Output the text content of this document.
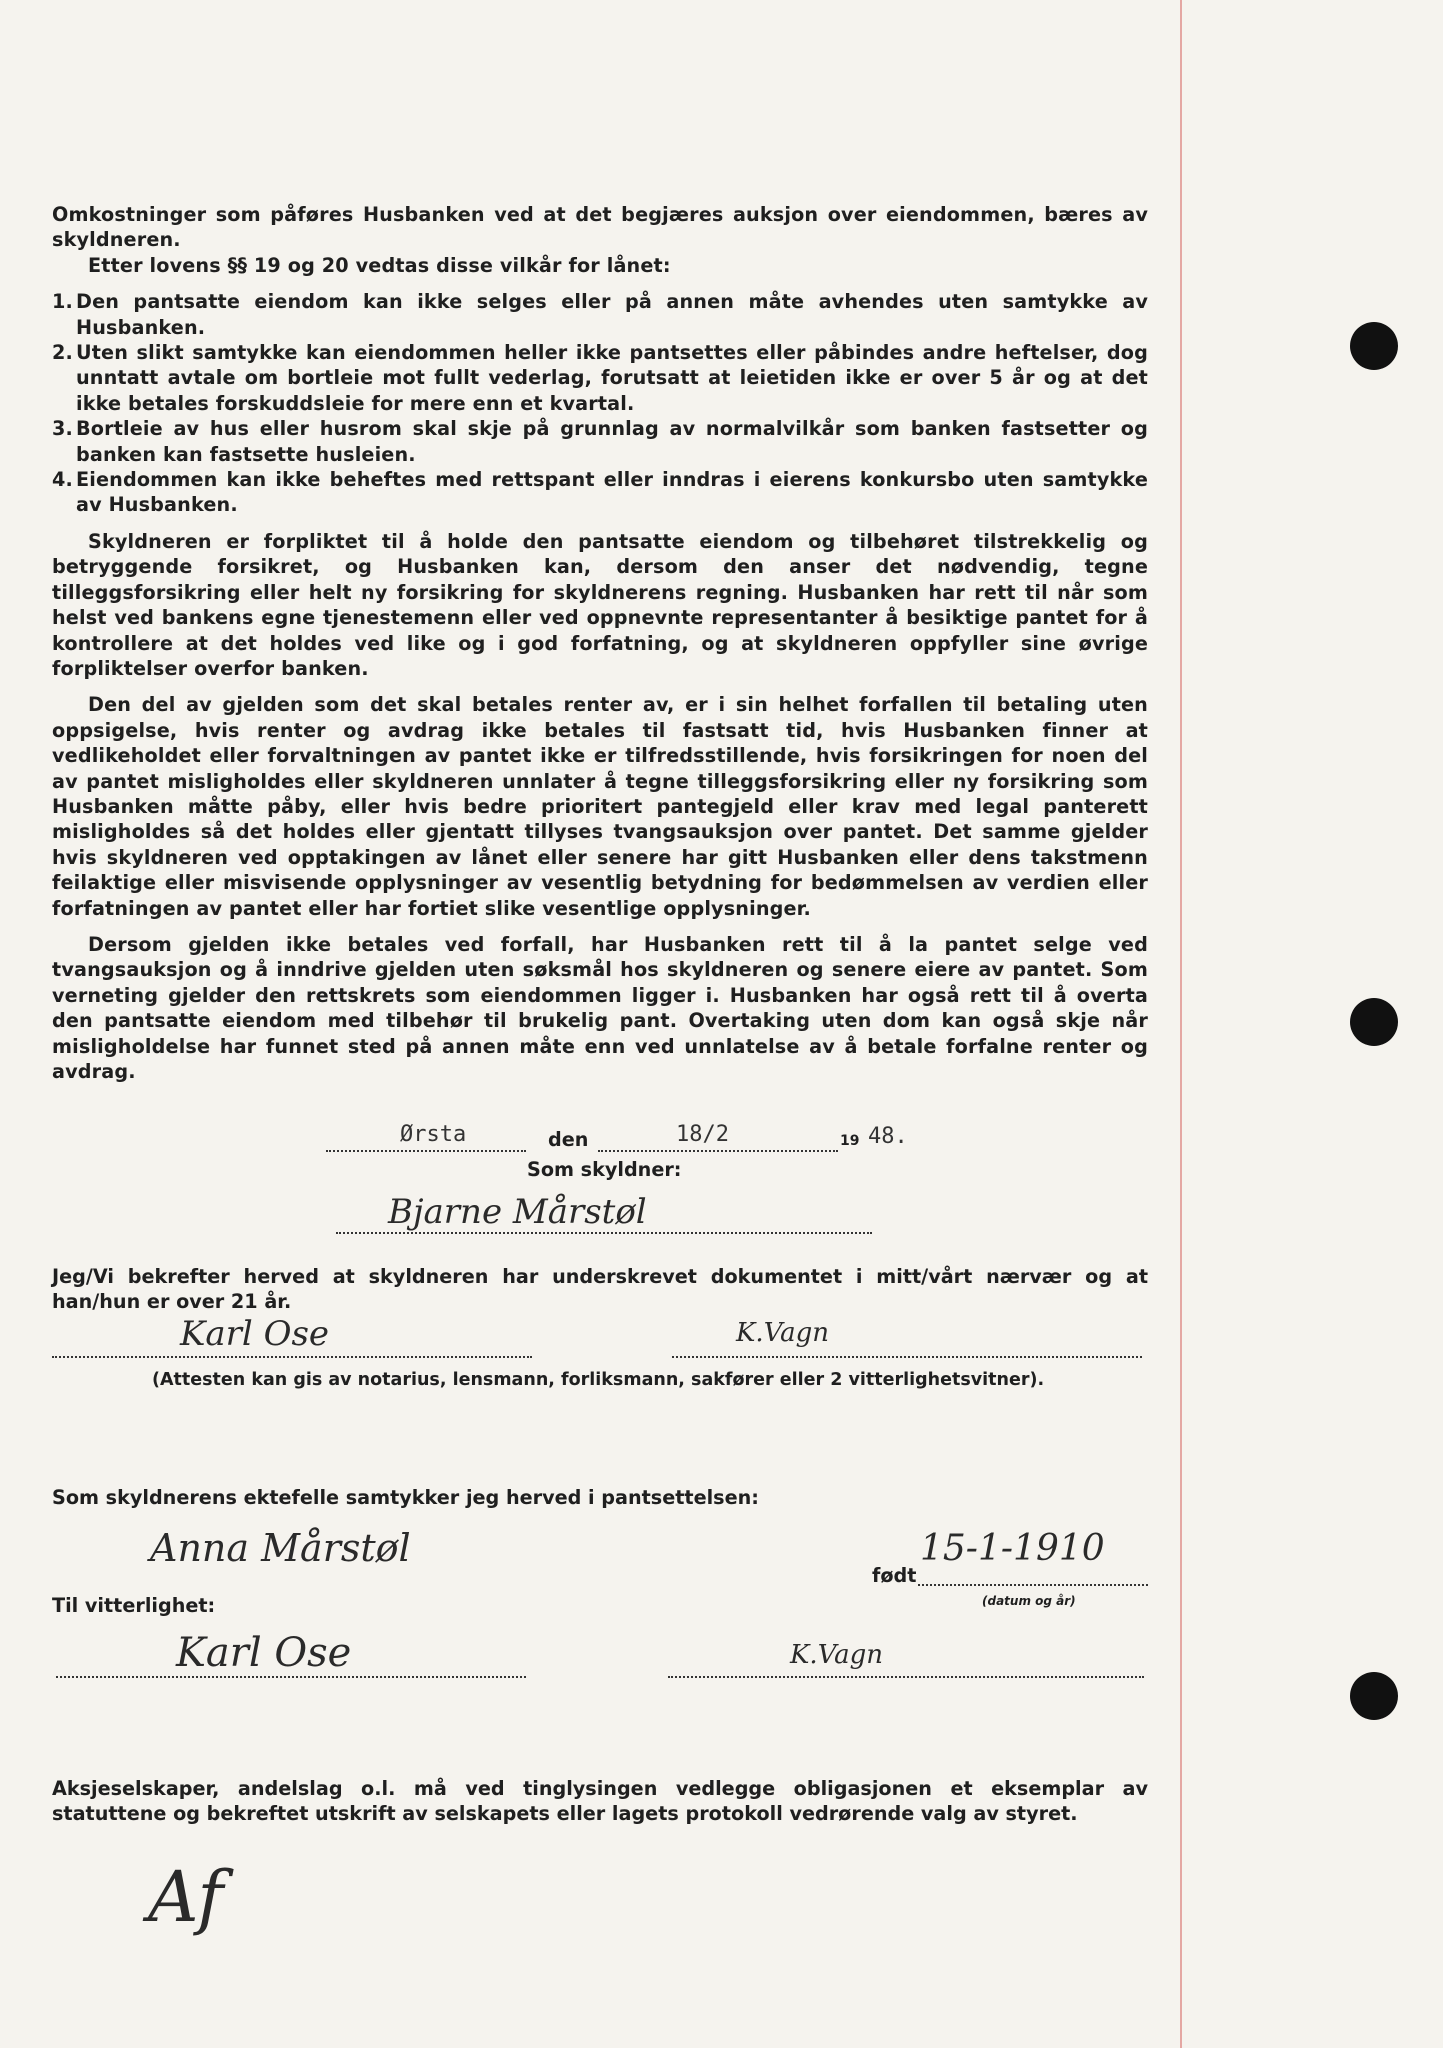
Omkostninger som påføres Husbanken ved at det begjæres auksjon over eiendommen, bæres av skyldneren.

Etter lovens §§ 19 og 20 vedtas disse vilkår for lånet:

1. Den pantsatte eiendom kan ikke selges eller på annen måte avhendes uten samtykke av Husbanken.
2. Uten slikt samtykke kan eiendommen heller ikke pantsettes eller påbindes andre heftelser, dog unntatt avtale om bortleie mot fullt vederlag, forutsatt at leietiden ikke er over 5 år og at det ikke betales forskuddsleie for mere enn et kvartal.
3. Bortleie av hus eller husrom skal skje på grunnlag av normalvilkår som banken fastsetter og banken kan fastsette husleien.
4. Eiendommen kan ikke beheftes med rettspant eller inndras i eierens konkursbo uten samtykke av Husbanken.

Skyldneren er forpliktet til å holde den pantsatte eiendom og tilbehøret tilstrekkelig og betryggende forsikret, og Husbanken kan, dersom den anser det nødvendig, tegne tilleggsforsikring eller helt ny forsikring for skyldnerens regning. Husbanken har rett til når som helst ved bankens egne tjenestemenn eller ved oppnevnte representanter å besiktige pantet for å kontrollere at det holdes ved like og i god forfatning, og at skyldneren oppfyller sine øvrige forpliktelser overfor banken.

Den del av gjelden som det skal betales renter av, er i sin helhet forfallen til betaling uten oppsigelse, hvis renter og avdrag ikke betales til fastsatt tid, hvis Husbanken finner at vedlikeholdet eller forvaltningen av pantet ikke er tilfredsstillende, hvis forsikringen for noen del av pantet misligholdes eller skyldneren unnlater å tegne tilleggsforsikring eller ny forsikring som Husbanken måtte påby, eller hvis bedre prioritert pantegjeld eller krav med legal panterett misligholdes så det holdes eller gjentatt tillyses tvangsauksjon over pantet. Det samme gjelder hvis skyldneren ved opptakingen av lånet eller senere har gitt Husbanken eller dens takstmenn feilaktige eller misvisende opplysninger av vesentlig betydning for bedømmelsen av verdien eller forfatningen av pantet eller har fortiet slike vesentlige opplysninger.

Dersom gjelden ikke betales ved forfall, har Husbanken rett til å la pantet selge ved tvangsauksjon og å inndrive gjelden uten søksmål hos skyldneren og senere eiere av pantet. Som verneting gjelder den rettskrets som eiendommen ligger i. Husbanken har også rett til å overta den pantsatte eiendom med tilbehør til brukelig pant. Overtaking uten dom kan også skje når misligholdelse har funnet sted på annen måte enn ved unnlatelse av å betale forfalne renter og avdrag.

Ørsta	den	18/2	19 48.
Som skyldner:
Bjarne Mårstøl
Jeg/Vi bekrefter herved at skyldneren har underskrevet dokumentet i mitt/vårt nærvær og at han/hun er over 21 år.
Karl Ose	K.Vagn
(Attesten kan gis av notarius, lensmann, forliksmann, sakfører eller 2 vitterlighetsvitner).
Som skyldnerens ektefelle samtykker jeg herved i pantsettelsen:
Anna Mårstøl
født
15-1-1910
(datum og år)
Til vitterlighet:
Karl Ose	K.Vagn
Aksjeselskaper, andelslag o.l. må ved tinglysingen vedlegge obligasjonen et eksemplar av statuttene og bekreftet utskrift av selskapets eller lagets protokoll vedrørende valg av styret.
Af
